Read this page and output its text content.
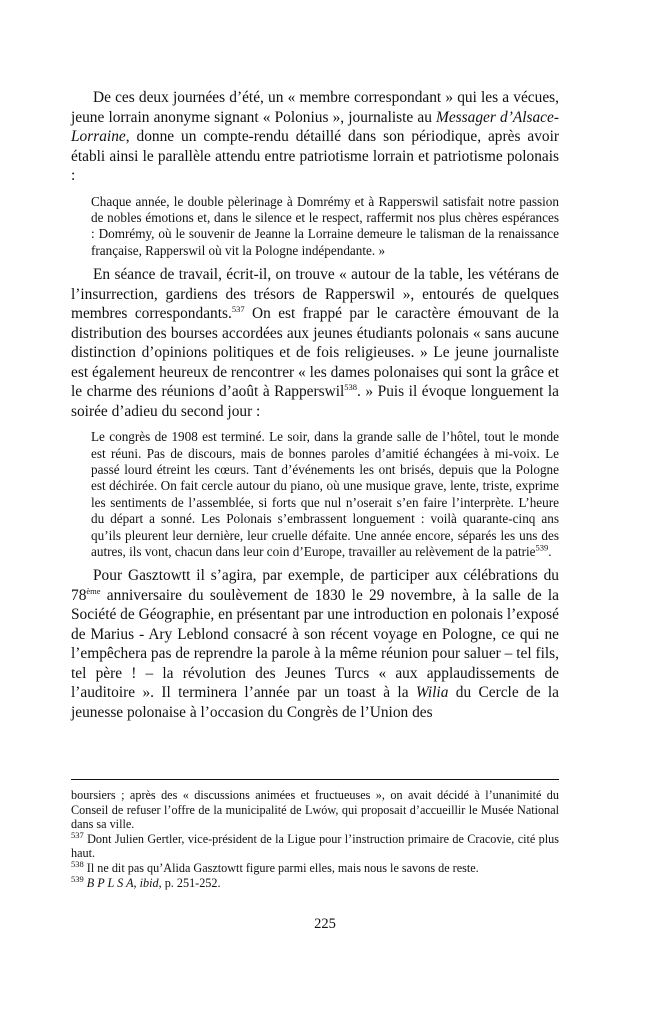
De ces deux journées d’été, un « membre correspondant » qui les a vécues, jeune lorrain anonyme signant « Polonius », journaliste au Messager d’Alsace-Lorraine, donne un compte-rendu détaillé dans son périodique, après avoir établi ainsi le parallèle attendu entre patriotisme lorrain et patriotisme polonais :

Chaque année, le double pèlerinage à Domrémy et à Rapperswil satisfait notre passion de nobles émotions et, dans le silence et le respect, raffermit nos plus chères espérances : Domrémy, où le souvenir de Jeanne la Lorraine demeure le talisman de la renaissance française, Rapperswil où vit la Pologne indépendante. »

En séance de travail, écrit-il, on trouve « autour de la table, les vétérans de l’insurrection, gardiens des trésors de Rapperswil », entourés de quelques membres correspondants.$^{537}$ On est frappé par le caractère émouvant de la distribution des bourses accordées aux jeunes étudiants polonais « sans aucune distinction d’opinions politiques et de fois religieuses. » Le jeune journaliste est également heureux de rencontrer « les dames polonaises qui sont la grâce et le charme des réunions d’août à Rapperswil$^{538}$. » Puis il évoque longuement la soirée d’adieu du second jour :

Le congrès de 1908 est terminé. Le soir, dans la grande salle de l’hôtel, tout le monde est réuni. Pas de discours, mais de bonnes paroles d’amitié échangées à mi-voix. Le passé lourd étreint les cœurs. Tant d’événements les ont brisés, depuis que la Pologne est déchirée. On fait cercle autour du piano, où une musique grave, lente, triste, exprime les sentiments de l’assemblée, si forts que nul n’oserait s’en faire l’interprète. L’heure du départ a sonné. Les Polonais s’embrassent longuement : voilà quarante-cinq ans qu’ils pleurent leur dernière, leur cruelle défaite. Une année encore, séparés les uns des autres, ils vont, chacun dans leur coin d’Europe, travailler au relèvement de la patrie$^{539}$.

Pour Gasztowtt il s’agira, par exemple, de participer aux célébrations du 78ème anniversaire du soulèvement de 1830 le 29 novembre, à la salle de la Société de Géographie, en présentant par une introduction en polonais l’exposé de Marius - Ary Leblond consacré à son récent voyage en Pologne, ce qui ne l’empêchera pas de reprendre la parole à la même réunion pour saluer – tel fils, tel père ! – la révolution des Jeunes Turcs « aux applaudissements de l’auditoire ». Il terminera l’année par un toast à la Wilia du Cercle de la jeunesse polonaise à l’occasion du Congrès de l’Union des

boursiers ; après des « discussions animées et fructueuses », on avait décidé à l’unanimité du Conseil de refuser l’offre de la municipalité de Lwów, qui proposait d’accueillir le Musée National dans sa ville.

$^{537}$ Dont Julien Gertler, vice-président de la Ligue pour l’instruction primaire de Cracovie, cité plus haut.

$^{538}$ Il ne dit pas qu’Alida Gasztowtt figure parmi elles, mais nous le savons de reste.

$^{539}$ B P L S A, ibid, p. 251-252.

225
